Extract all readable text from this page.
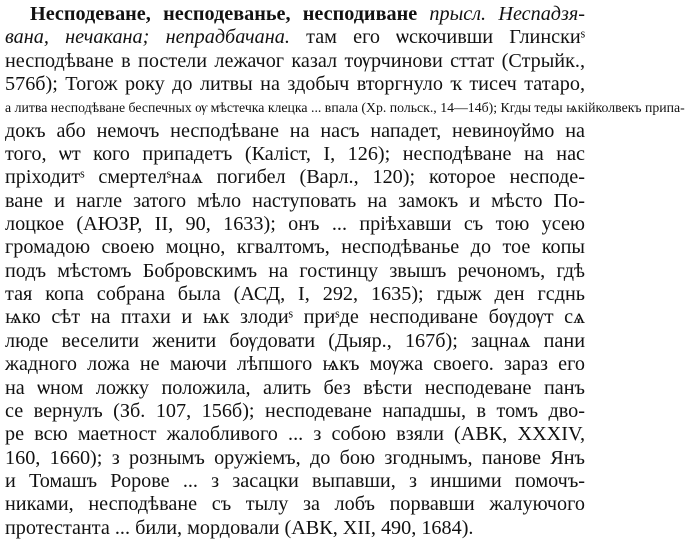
Несподеване, несподеванье, несподиване прысл. Неспадзя-
вана, нечакана; непрадбачана. там его ѡскочивши Глинскиˢ
несподѣване в постели лежачог казал тѹрчинови сттат (Стрыйк.,
576б); Тогож року до литвы на здобыч вторгнуло ҡ тисеч татаро,
а литва несподѣване беспечных ѹ мѣстечка клецка ... впала (Хр. польск., 14—14б); Кгды теды ѩкійколвекъ припа-
докъ або немочъ несподѣване на насъ нападет, невинѹймо на
того, ѡт кого припадетъ (Каліст, I, 126); несподѣване на нас
прiходитˢ смертелˢнаѧ погибел (Варл., 120); которое несподе-
ване и нагле затого мѣло наступовать на замокъ и мѣсто По-
лоцкое (АЮЗР, II, 90, 1633); онъ ... прiѣхавши съ тою усею
громадою своею моцно, кгвалтомъ, несподѣванье до тое копы
подъ мѣстомъ Бобровскимъ на гостинцу звышъ речономъ, гдѣ
тая копа собрана была (АСД, I, 292, 1635); гдыж ден гсднь
ѩко сѣт на птахи и ѩк злодиˢ приˢде несподиване бѹдѹт сѧ
люде веселити женити бѹдовати (Дыяр., 167б); зацнаѧ пани
жадного ложа не маючи лѣпшого ѩкъ мѹжа своего. зараз его
на ѡном ложку положила, алить без вѣсти несподеване панъ
се вернулъ (Зб. 107, 156б); несподеване нападшы, в томъ дво-
ре всю маетност жалобливого ... з собою взяли (АВК, XXXIV,
160, 1660); з рознымъ оружіемъ, до бою згоднымъ, панове Янъ
и Томашъ Ророве ... з засацки выпавши, з иншими помочъ-
никами, несподѣване съ тылу за лобъ порвавши жалуючого
протестанта ... били, мордовали (АВК, XII, 490, 1684).
